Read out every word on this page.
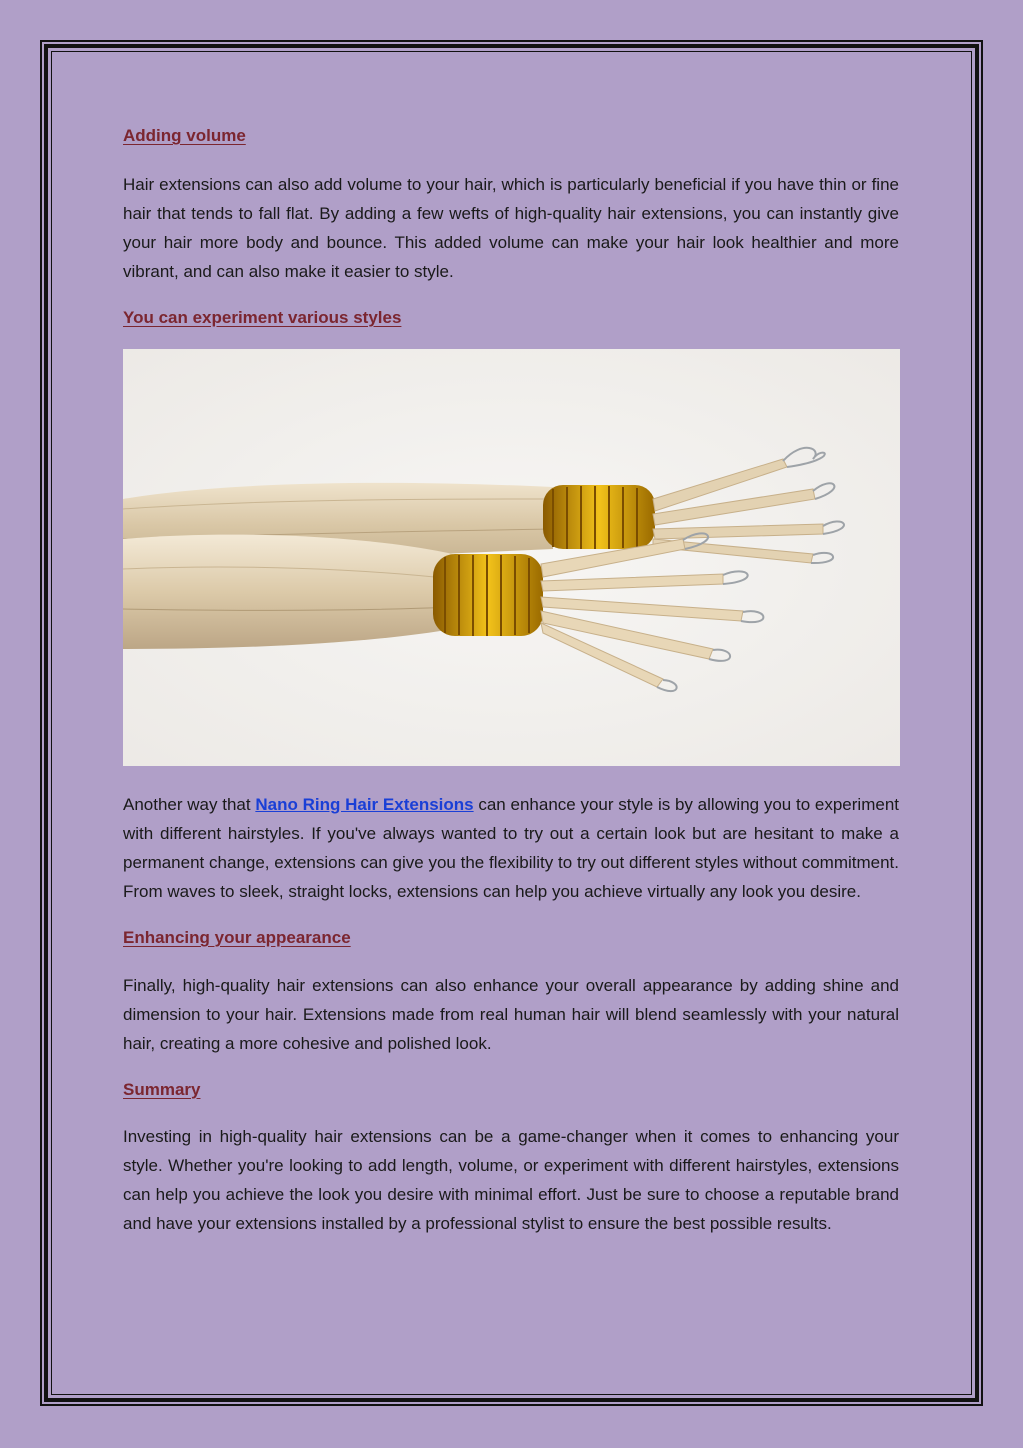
Adding volume

Hair extensions can also add volume to your hair, which is particularly beneficial if you have thin or fine hair that tends to fall flat. By adding a few wefts of high-quality hair extensions, you can instantly give your hair more body and bounce. This added volume can make your hair look healthier and more vibrant, and can also make it easier to style.

You can experiment various styles

Another way that Nano Ring Hair Extensions can enhance your style is by allowing you to experiment with different hairstyles. If you've always wanted to try out a certain look but are hesitant to make a permanent change, extensions can give you the flexibility to try out different styles without commitment. From waves to sleek, straight locks, extensions can help you achieve virtually any look you desire.

Enhancing your appearance

Finally, high-quality hair extensions can also enhance your overall appearance by adding shine and dimension to your hair. Extensions made from real human hair will blend seamlessly with your natural hair, creating a more cohesive and polished look.

Summary

Investing in high-quality hair extensions can be a game-changer when it comes to enhancing your style. Whether you're looking to add length, volume, or experiment with different hairstyles, extensions can help you achieve the look you desire with minimal effort. Just be sure to choose a reputable brand and have your extensions installed by a professional stylist to ensure the best possible results.
